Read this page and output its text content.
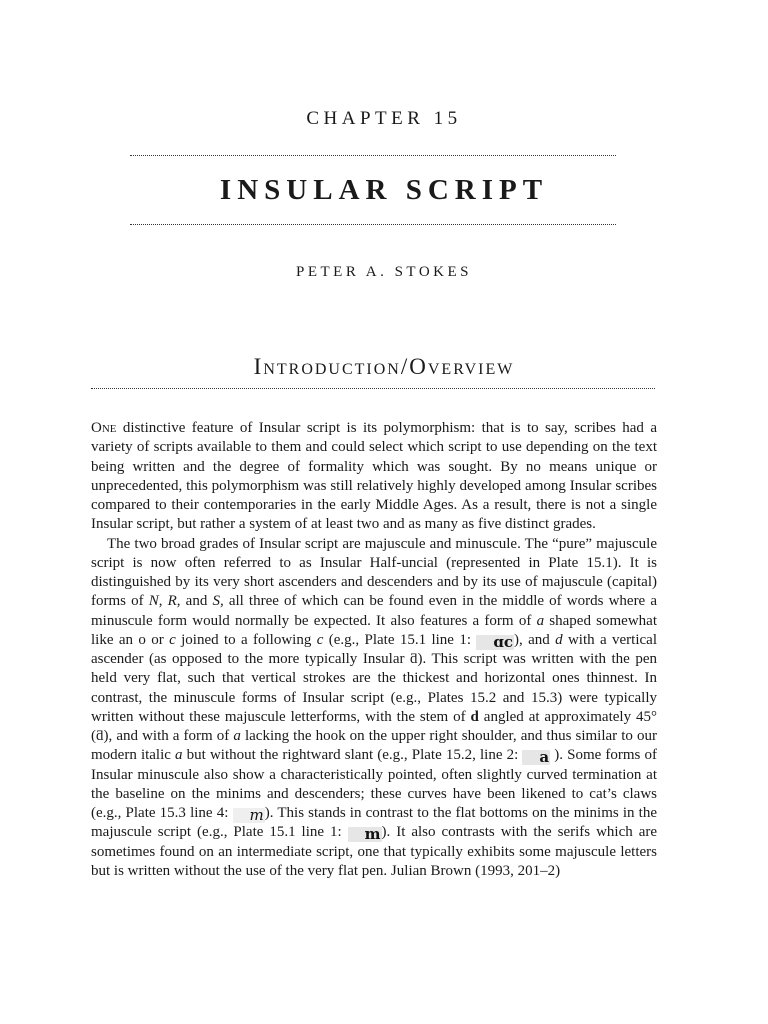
CHAPTER 15
INSULAR SCRIPT
PETER A. STOKES
Introduction/Overview

One distinctive feature of Insular script is its polymorphism: that is to say, scribes had a variety of scripts available to them and could select which script to use depending on the text being written and the degree of formality which was sought. By no means unique or unprecedented, this polymorphism was still relatively highly developed among Insular scribes compared to their contemporaries in the early Middle Ages. As a result, there is not a single Insular script, but rather a system of at least two and as many as five distinct grades.

The two broad grades of Insular script are majuscule and minuscule. The “pure” majuscule script is now often referred to as Insular Half-uncial (represented in Plate 15.1). It is distinguished by its very short ascenders and descenders and by its use of majuscule (capital) forms of N, R, and S, all three of which can be found even in the middle of words where a minuscule form would normally be expected. It also features a form of a shaped somewhat like an o or c joined to a following c (e.g., Plate 15.1 line 1: ɑc), and d with a vertical ascender (as opposed to the more typically Insular ƌ). This script was written with the pen held very flat, such that vertical strokes are the thickest and horizontal ones thinnest. In contrast, the minuscule forms of Insular script (e.g., Plates 15.2 and 15.3) were typically written without these majuscule letterforms, with the stem of d angled at approximately 45° (ƌ), and with a form of a lacking the hook on the upper right shoulder, and thus similar to our modern italic a but without the rightward slant (e.g., Plate 15.2, line 2: a ). Some forms of Insular minuscule also show a characteristically pointed, often slightly curved termination at the baseline on the minims and descenders; these curves have been likened to cat’s claws (e.g., Plate 15.3 line 4: m). This stands in contrast to the flat bottoms on the minims in the majuscule script (e.g., Plate 15.1 line 1: m). It also contrasts with the serifs which are sometimes found on an intermediate script, one that typically exhibits some majuscule letters but is written without the use of the very flat pen. Julian Brown (1993, 201–2)
